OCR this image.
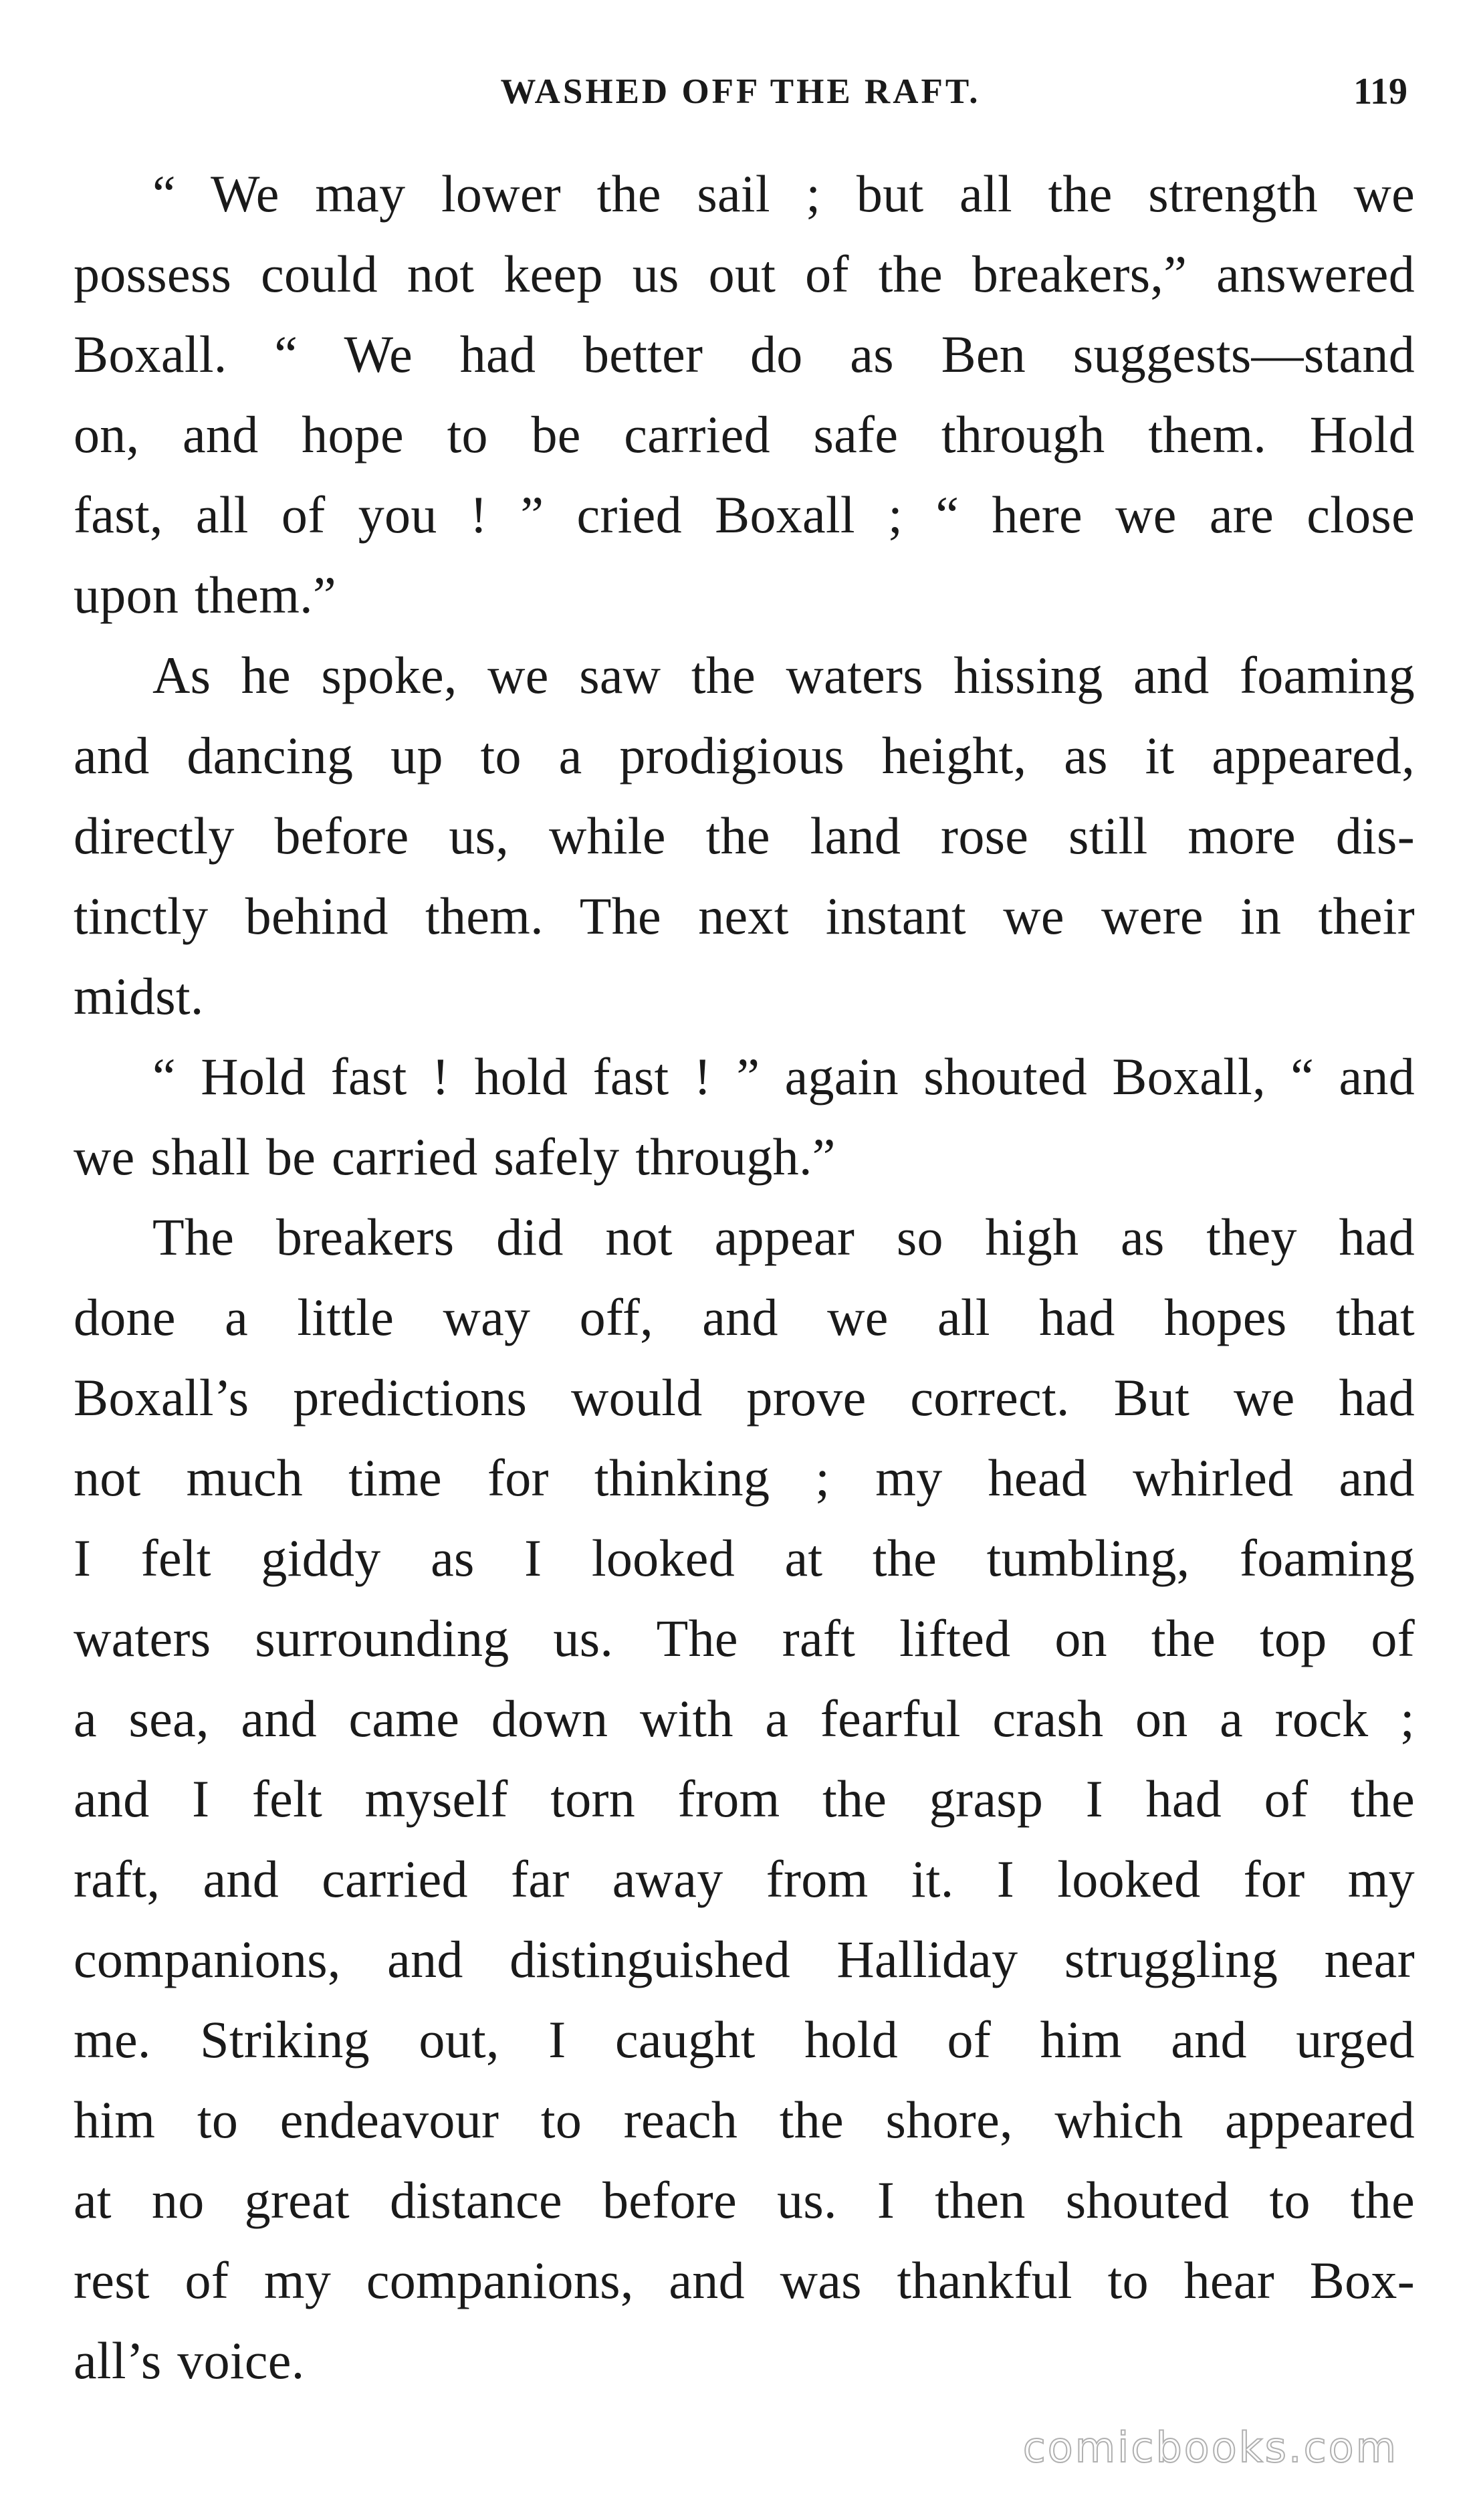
WASHED OFF THE RAFT.	119
“ We may lower the sail ; but all the strength we
possess could not keep us out of the breakers,” answered
Boxall. “ We had better do as Ben suggests—stand
on, and hope to be carried safe through them. Hold
fast, all of you ! ” cried Boxall ; “ here we are close
upon them.”
As he spoke, we saw the waters hissing and foaming
and dancing up to a prodigious height, as it appeared,
directly before us, while the land rose still more dis-
tinctly behind them. The next instant we were in their
midst.
“ Hold fast ! hold fast ! ” again shouted Boxall, “ and
we shall be carried safely through.”
The breakers did not appear so high as they had
done a little way off, and we all had hopes that
Boxall’s predictions would prove correct. But we had
not much time for thinking ; my head whirled and
I felt giddy as I looked at the tumbling, foaming
waters surrounding us. The raft lifted on the top of
a sea, and came down with a fearful crash on a rock ;
and I felt myself torn from the grasp I had of the
raft, and carried far away from it. I looked for my
companions, and distinguished Halliday struggling near
me. Striking out, I caught hold of him and urged
him to endeavour to reach the shore, which appeared
at no great distance before us. I then shouted to the
rest of my companions, and was thankful to hear Box-
all’s voice.
comicbooks.com
